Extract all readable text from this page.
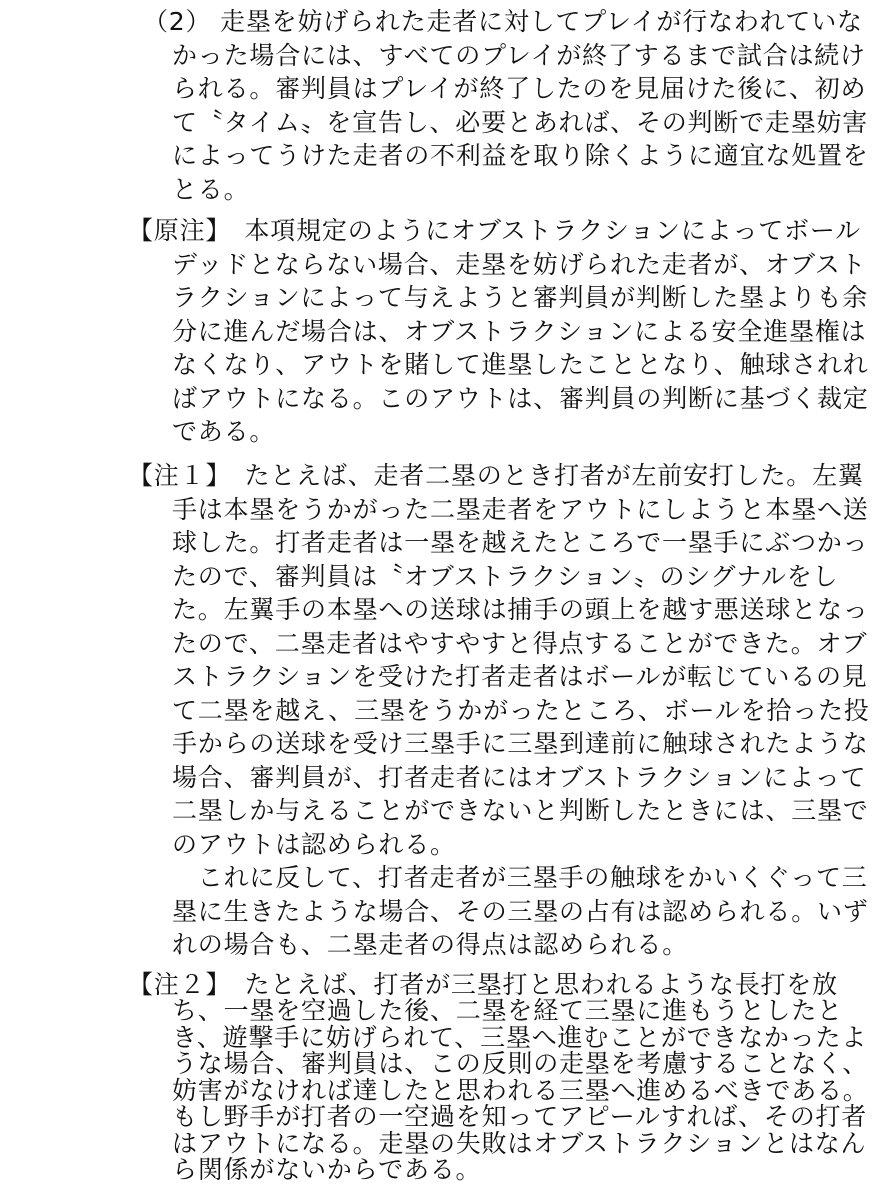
（2） 走塁を妨げられた走者に対してプレイが行なわれていな
かった場合には、すべてのプレイが終了するまで試合は続け
られる。審判員はプレイが終了したのを見届けた後に、初め
て〝タイム〟を宣告し、必要とあれば、その判断で走塁妨害
によってうけた走者の不利益を取り除くように適宜な処置を
とる。
【原注】　本項規定のようにオブストラクションによってボール
デッドとならない場合、走塁を妨げられた走者が、オブスト
ラクションによって与えようと審判員が判断した塁よりも余
分に進んだ場合は、オブストラクションによる安全進塁権は
なくなり、アウトを賭して進塁したこととなり、触球されれ
ばアウトになる。このアウトは、審判員の判断に基づく裁定
である。
【注１】　たとえば、走者二塁のとき打者が左前安打した。左翼
手は本塁をうかがった二塁走者をアウトにしようと本塁へ送
球した。打者走者は一塁を越えたところで一塁手にぶつかっ
たので、審判員は〝オブストラクション〟のシグナルをし
た。左翼手の本塁への送球は捕手の頭上を越す悪送球となっ
たので、二塁走者はやすやすと得点することができた。オブ
ストラクションを受けた打者走者はボールが転じているの見
て二塁を越え、三塁をうかがったところ、ボールを拾った投
手からの送球を受け三塁手に三塁到達前に触球されたような
場合、審判員が、打者走者にはオブストラクションによって
二塁しか与えることができないと判断したときには、三塁で
のアウトは認められる。
　これに反して、打者走者が三塁手の触球をかいくぐって三
塁に生きたような場合、その三塁の占有は認められる。いず
れの場合も、二塁走者の得点は認められる。
【注２】　たとえば、打者が三塁打と思われるような長打を放
ち、一塁を空過した後、二塁を経て三塁に進もうとしたと
き、遊撃手に妨げられて、三塁へ進むことができなかったよ
うな場合、審判員は、この反則の走塁を考慮することなく、
妨害がなければ達したと思われる三塁へ進めるべきである。
もし野手が打者の一空過を知ってアピールすれば、その打者
はアウトになる。走塁の失敗はオブストラクションとはなん
ら関係がないからである。
